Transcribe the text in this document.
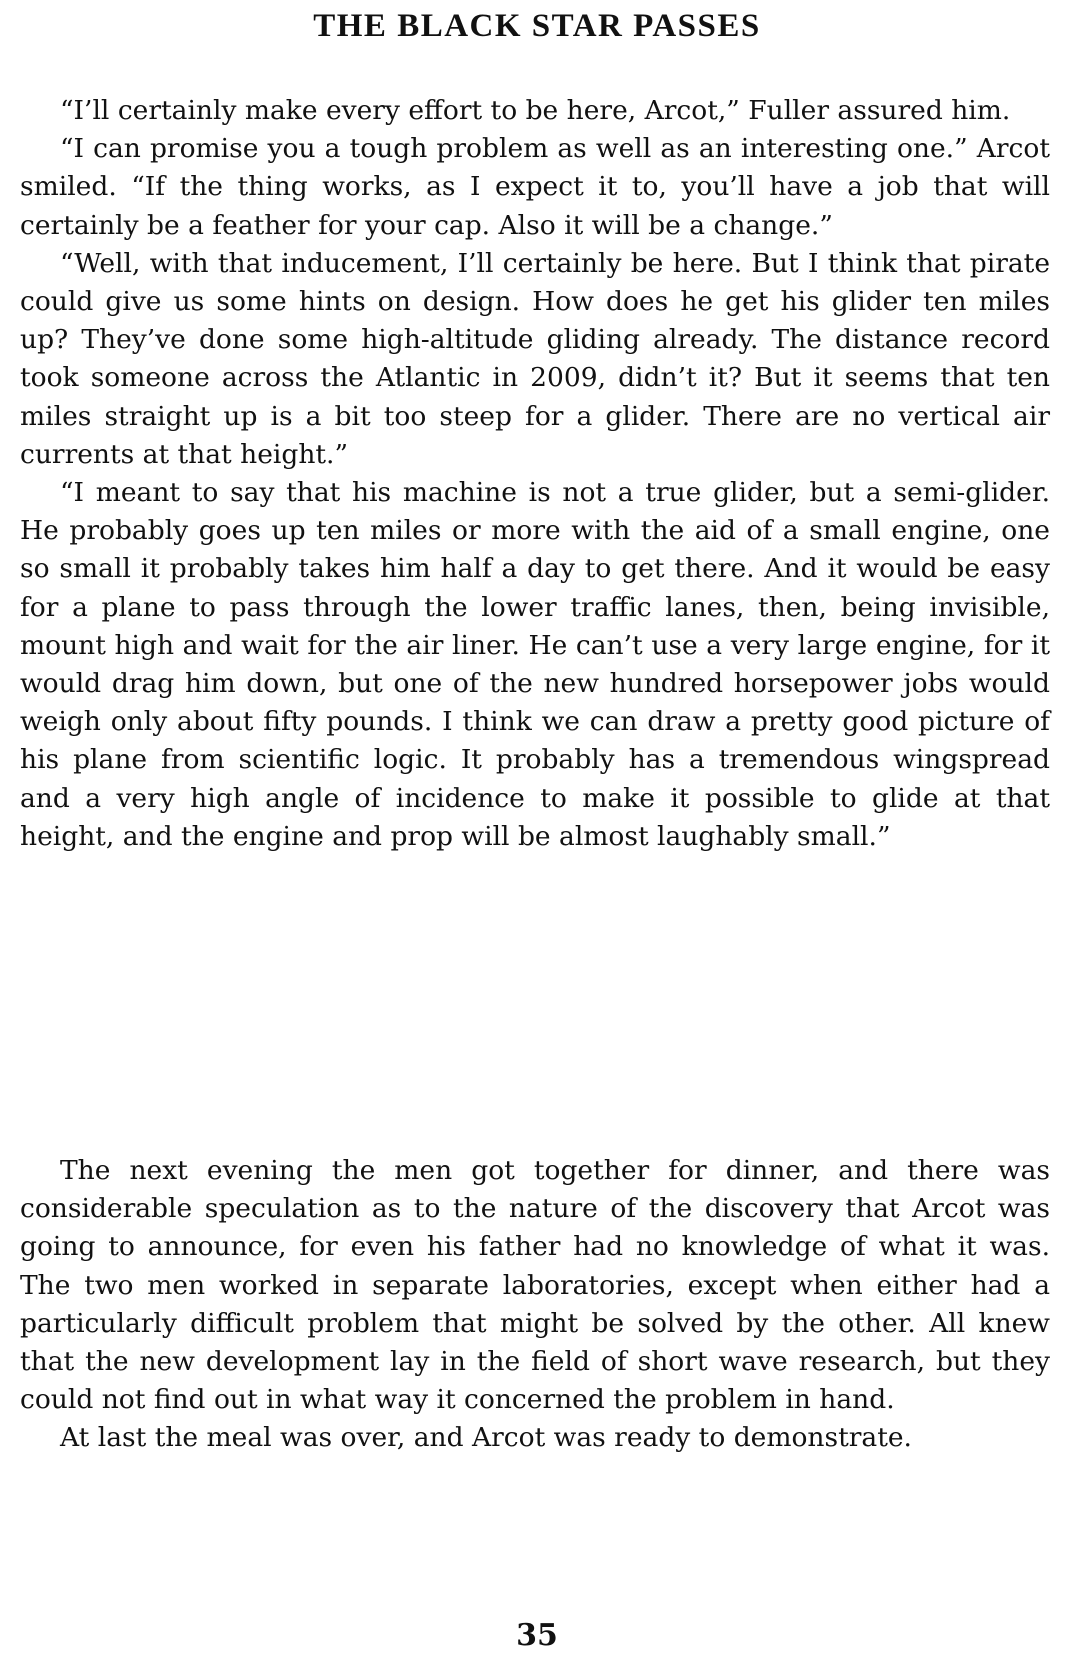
THE BLACK STAR PASSES

“I’ll certainly make every effort to be here, Arcot,” Fuller assured him.

“I can promise you a tough problem as well as an interesting one.” Arcot smiled. “If the thing works, as I expect it to, you’ll have a job that will certainly be a feather for your cap. Also it will be a change.”

“Well, with that inducement, I’ll certainly be here. But I think that pirate could give us some hints on design. How does he get his glider ten miles up? They’ve done some high-altitude gliding already. The distance record took someone across the Atlantic in 2009, didn’t it? But it seems that ten miles straight up is a bit too steep for a glider. There are no vertical air currents at that height.”

“I meant to say that his machine is not a true glider, but a semi-glider. He probably goes up ten miles or more with the aid of a small engine, one so small it probably takes him half a day to get there. And it would be easy for a plane to pass through the lower traffic lanes, then, being invisible, mount high and wait for the air liner. He can’t use a very large engine, for it would drag him down, but one of the new hundred horsepower jobs would weigh only about fifty pounds. I think we can draw a pretty good picture of his plane from scientific logic. It probably has a tremendous wingspread and a very high angle of incidence to make it possible to glide at that height, and the engine and prop will be almost laughably small.”

The next evening the men got together for dinner, and there was considerable speculation as to the nature of the discovery that Arcot was going to announce, for even his father had no knowledge of what it was. The two men worked in separate laboratories, except when either had a particularly difficult problem that might be solved by the other. All knew that the new development lay in the field of short wave research, but they could not find out in what way it concerned the problem in hand.

At last the meal was over, and Arcot was ready to demonstrate.

35
